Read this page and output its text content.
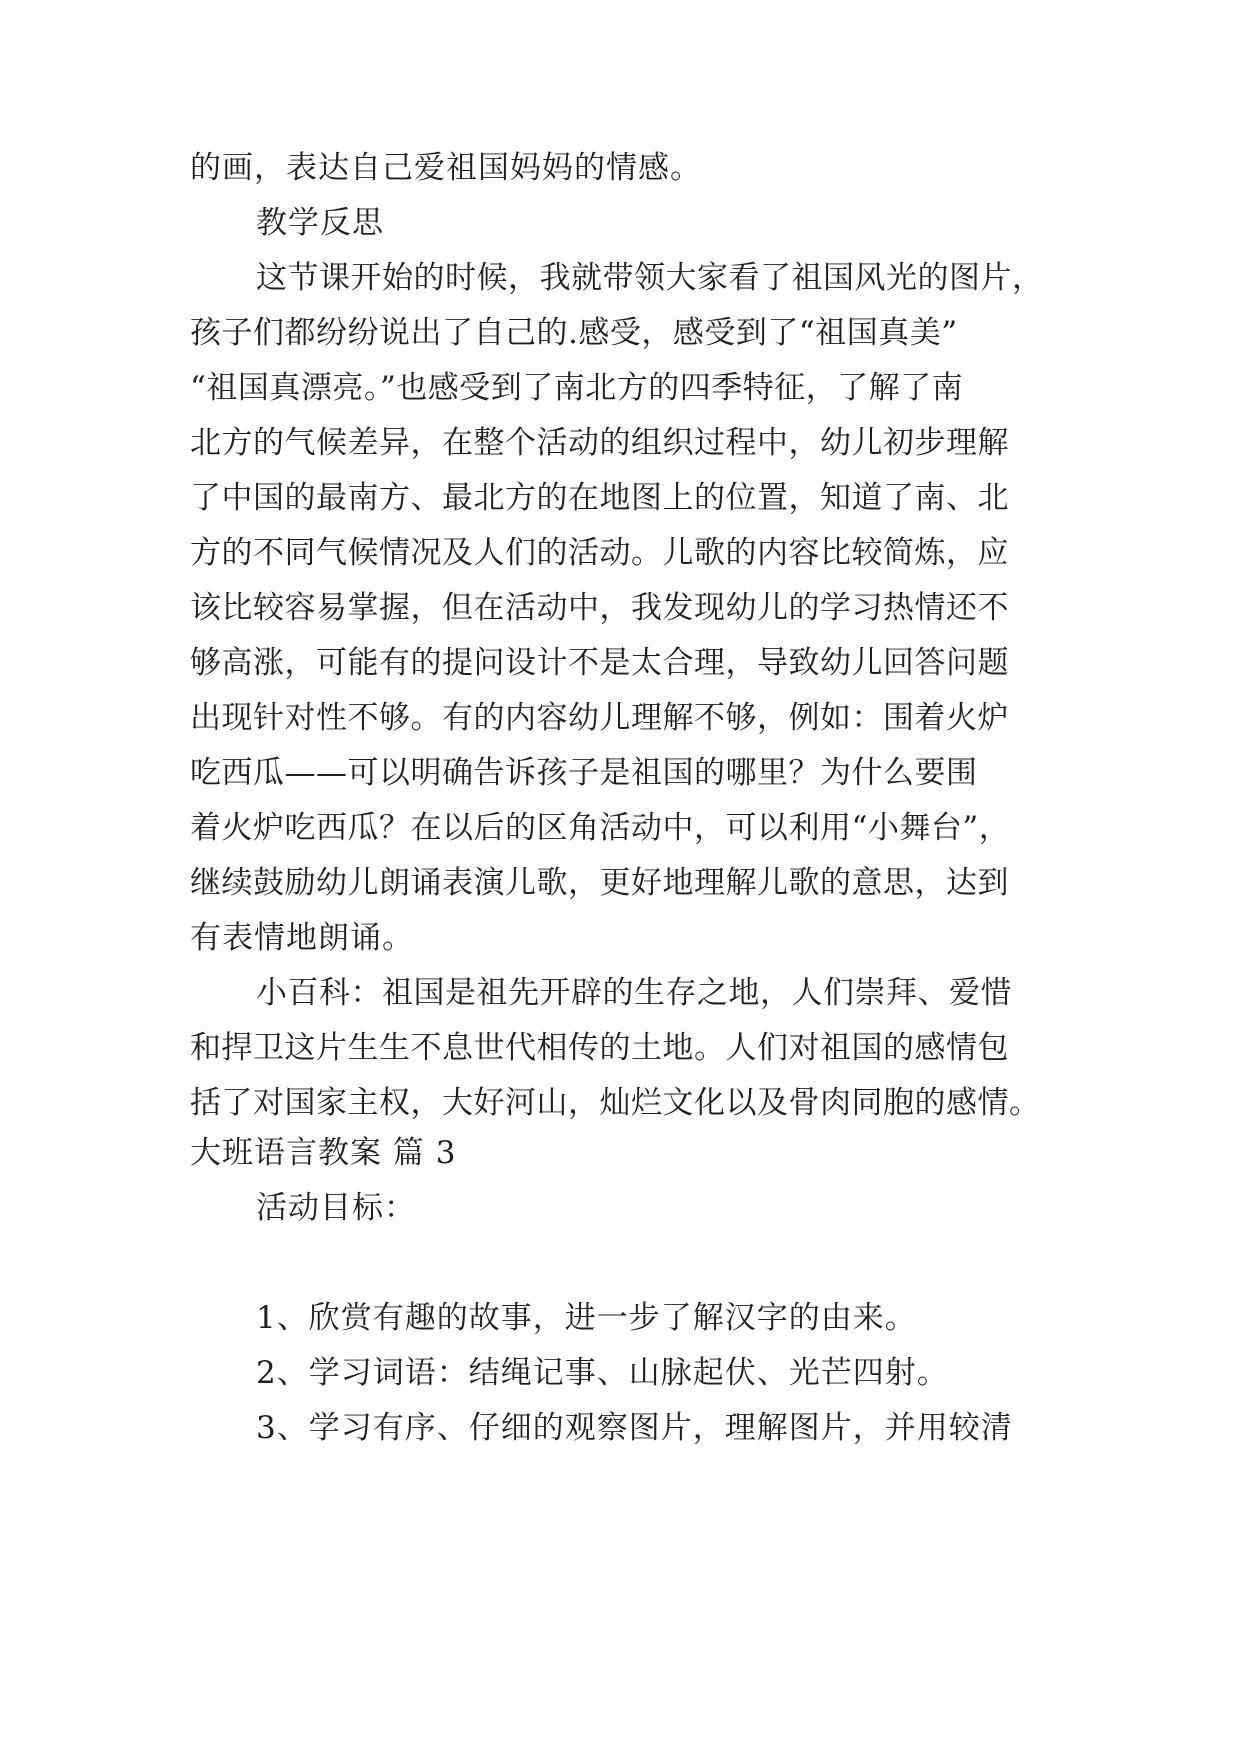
的画，表达自己爱祖国妈妈的情感。

教学反思

这节课开始的时候，我就带领大家看了祖国风光的图片，

孩子们都纷纷说出了自己的.感受，感受到了“祖国真美”

“祖国真漂亮。”也感受到了南北方的四季特征，了解了南

北方的气候差异，在整个活动的组织过程中，幼儿初步理解

了中国的最南方、最北方的在地图上的位置，知道了南、北

方的不同气候情况及人们的活动。儿歌的内容比较简炼，应

该比较容易掌握，但在活动中，我发现幼儿的学习热情还不

够高涨，可能有的提问设计不是太合理，导致幼儿回答问题

出现针对性不够。有的内容幼儿理解不够，例如：围着火炉

吃西瓜——可以明确告诉孩子是祖国的哪里？为什么要围

着火炉吃西瓜？在以后的区角活动中，可以利用“小舞台”，

继续鼓励幼儿朗诵表演儿歌，更好地理解儿歌的意思，达到

有表情地朗诵。

小百科：祖国是祖先开辟的生存之地，人们崇拜、爱惜

和捍卫这片生生不息世代相传的土地。人们对祖国的感情包

括了对国家主权，大好河山，灿烂文化以及骨肉同胞的感情。

大班语言教案 篇 3

活动目标：

1、欣赏有趣的故事，进一步了解汉字的由来。

2、学习词语：结绳记事、山脉起伏、光芒四射。

3、学习有序、仔细的观察图片，理解图片，并用较清
